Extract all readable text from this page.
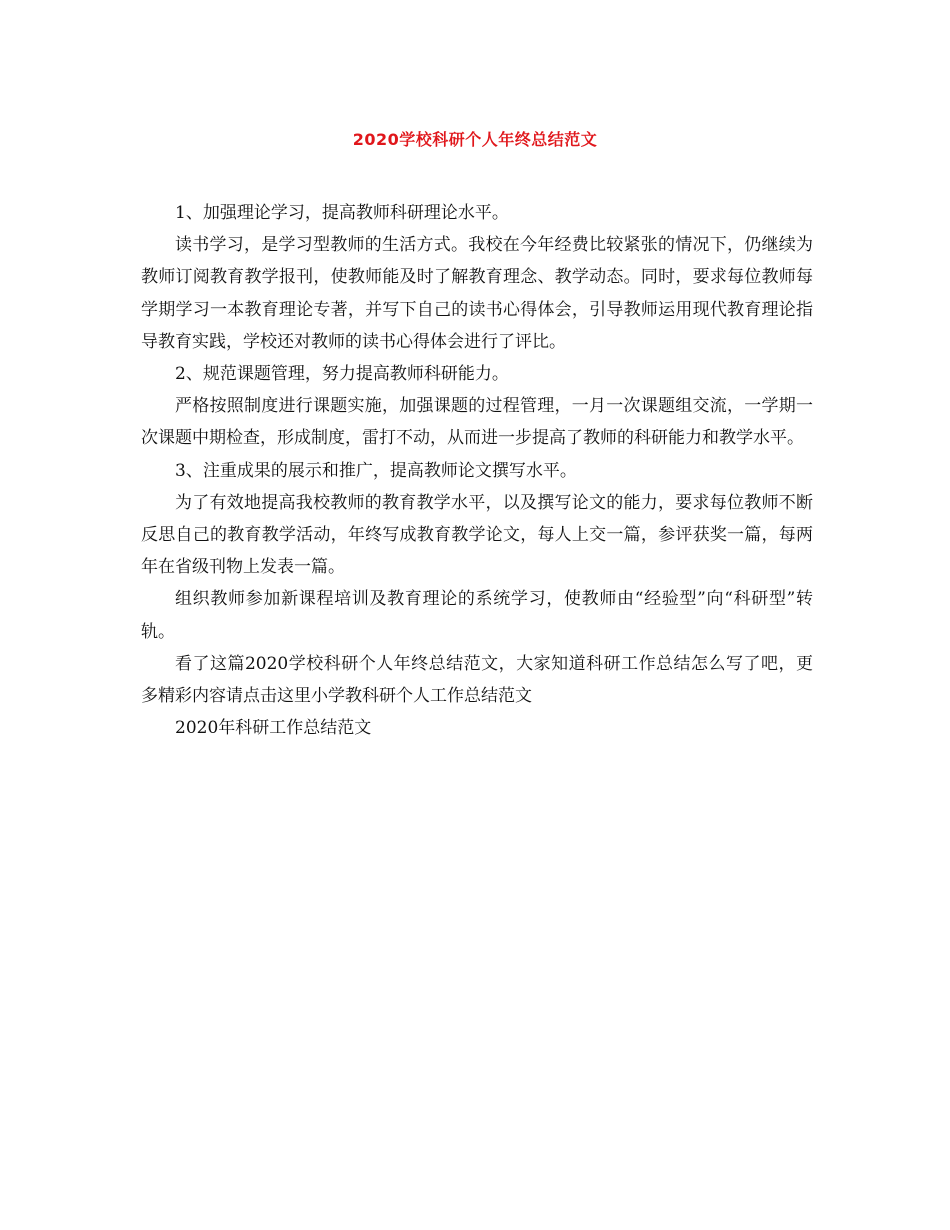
2020学校科研个人年终总结范文

1、加强理论学习，提高教师科研理论水平。

读书学习，是学习型教师的生活方式。我校在今年经费比较紧张的情况下，仍继续为教师订阅教育教学报刊，使教师能及时了解教育理念、教学动态。同时，要求每位教师每学期学习一本教育理论专著，并写下自己的读书心得体会，引导教师运用现代教育理论指导教育实践，学校还对教师的读书心得体会进行了评比。

2、规范课题管理，努力提高教师科研能力。

严格按照制度进行课题实施，加强课题的过程管理，一月一次课题组交流，一学期一次课题中期检查，形成制度，雷打不动，从而进一步提高了教师的科研能力和教学水平。

3、注重成果的展示和推广，提高教师论文撰写水平。

为了有效地提高我校教师的教育教学水平，以及撰写论文的能力，要求每位教师不断反思自己的教育教学活动，年终写成教育教学论文，每人上交一篇，参评获奖一篇，每两年在省级刊物上发表一篇。

组织教师参加新课程培训及教育理论的系统学习，使教师由“经验型”向“科研型”转轨。

看了这篇2020学校科研个人年终总结范文，大家知道科研工作总结怎么写了吧，更多精彩内容请点击这里小学教科研个人工作总结范文

2020年科研工作总结范文
